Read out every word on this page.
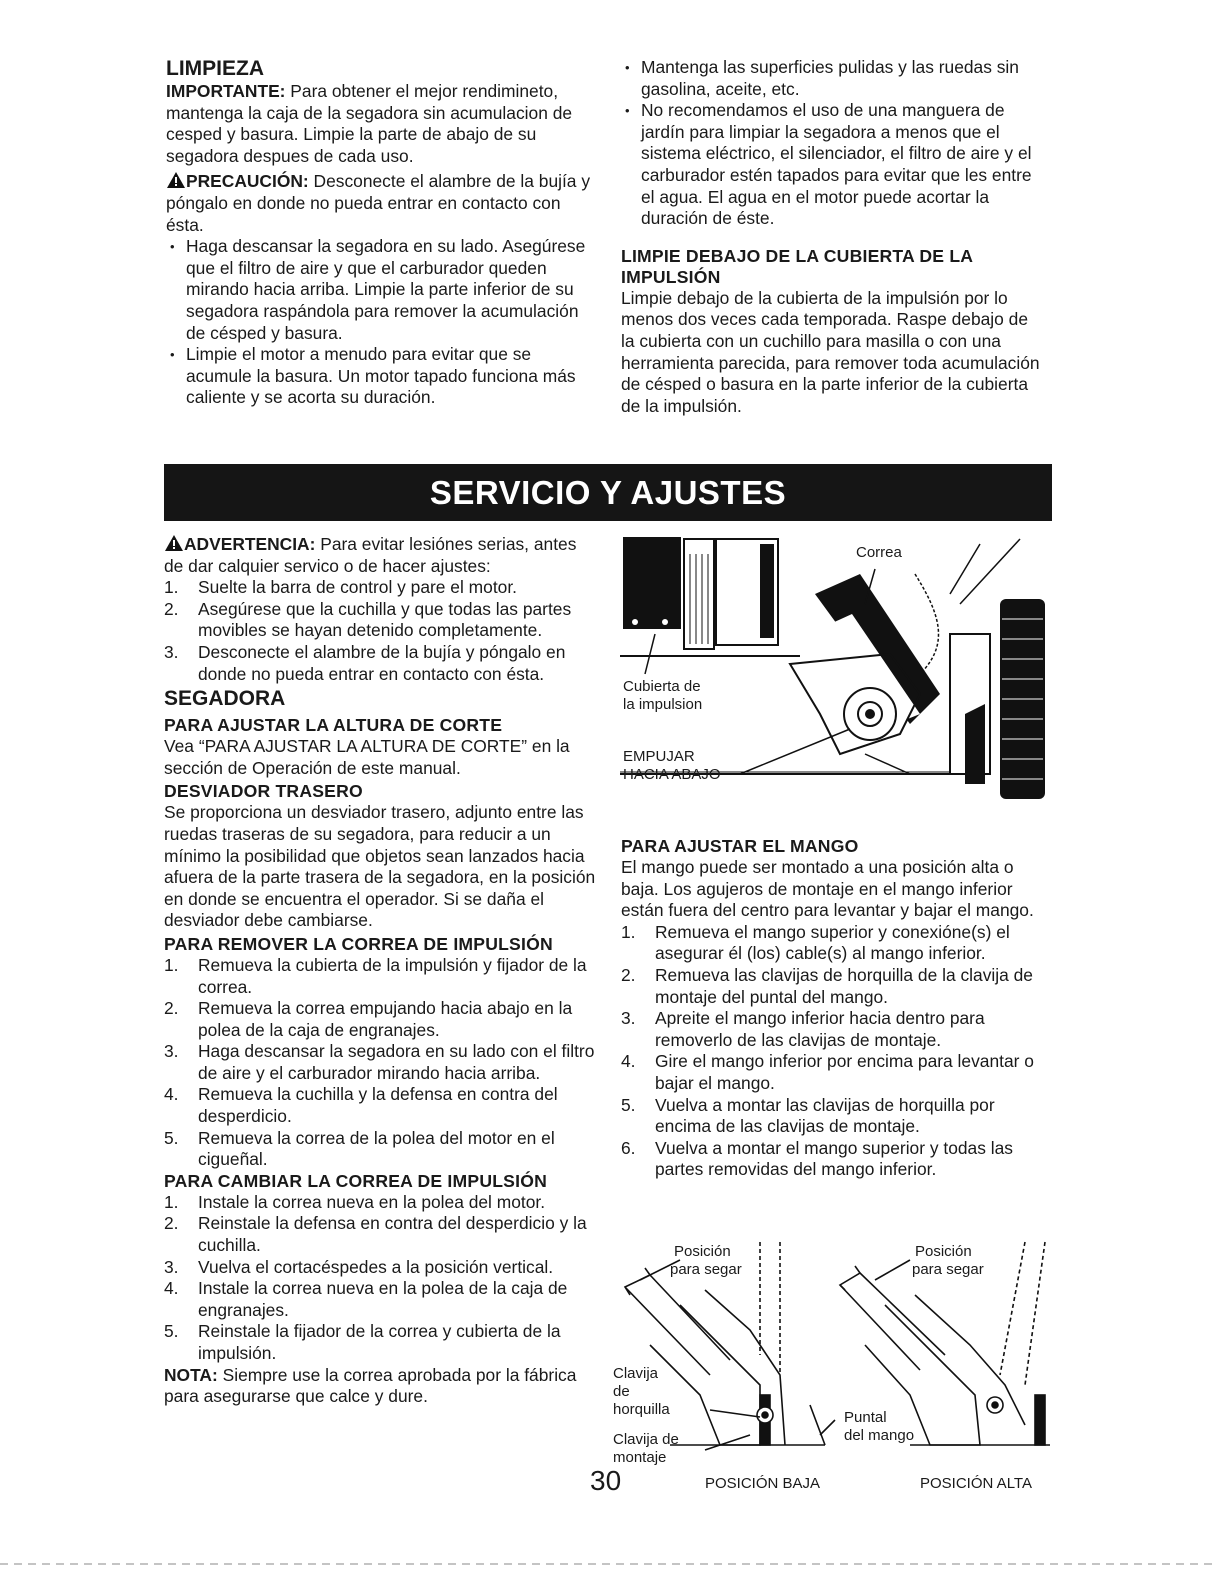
LIMPIEZA

IMPORTANTE: Para obtener el mejor rendimineto, mantenga la caja de la segadora sin acumulacion de cesped y basura. Limpie la parte de abajo de su segadora despues de cada uso.

PRECAUCIÓN: Desconecte el alambre de la bujía y póngalo en donde no pueda entrar en contacto con ésta.

• Haga descansar la segadora en su lado. Asegúrese que el filtro de aire y que el carburador queden mirando hacia arriba. Limpie la parte inferior de su segadora raspándola para remover la acumulación de césped y basura.
• Limpie el motor a menudo para evitar que se acumule la basura. Un motor tapado funciona más caliente y se acorta su duración.
• Mantenga las superficies pulidas y las ruedas sin gasolina, aceite, etc.
• No recomendamos el uso de una manguera de jardín para limpiar la segadora a menos que el sistema eléctrico, el silenciador, el filtro de aire y el carburador estén tapados para evitar que les entre el agua. El agua en el motor puede acortar la duración de éste.
LIMPIE DEBAJO DE LA CUBIERTA DE LA IMPULSIÓN

Limpie debajo de la cubierta de la impulsión por lo menos dos veces cada temporada. Raspe debajo de la cubierta con un cuchillo para masilla o con una herramienta parecida, para remover toda acumulación de césped o basura en la parte inferior de la cubierta de la impulsión.

SERVICIO Y AJUSTES

ADVERTENCIA: Para evitar lesiónes serias, antes de dar calquier servico o de hacer ajustes:

1. Suelte la barra de control y pare el motor.
2. Asegúrese que la cuchilla y que todas las partes movibles se hayan detenido completamente.
3. Desconecte el alambre de la bujía y póngalo en donde no pueda entrar en contacto con ésta.
SEGADORA
PARA AJUSTAR LA ALTURA DE CORTE

Vea “PARA AJUSTAR LA ALTURA DE CORTE” en la sección de Operación de este manual.

DESVIADOR TRASERO

Se proporciona un desviador trasero, adjunto entre las ruedas traseras de su segadora, para reducir a un mínimo la posibilidad que objetos sean lanzados hacia afuera de la parte trasera de la segadora, en la posición en donde se encuentra el operador. Si se daña el desviador debe cambiarse.

PARA REMOVER LA CORREA DE IMPULSIÓN
1. Remueva la cubierta de la impulsión y fijador de la correa.
2. Remueva la correa empujando hacia abajo en la polea de la caja de engranajes.
3. Haga descansar la segadora en su lado con el filtro de aire y el carburador mirando hacia arriba.
4. Remueva la cuchilla y la defensa en contra del desperdicio.
5. Remueva la correa de la polea del motor en el cigueñal.
PARA CAMBIAR LA CORREA DE IMPULSIÓN
1. Instale la correa nueva en la polea del motor.
2. Reinstale la defensa en contra del desperdicio y la cuchilla.
3. Vuelva el cortacéspedes a la posición vertical.
4. Instale la correa nueva en la polea de la caja de engranajes.
5. Reinstale la fijador de la correa y cubierta de la impulsión.

NOTA: Siempre use la correa aprobada por la fábrica para asegurarse que calce y dure.

Correa
Cubierta de
la impulsion
EMPUJAR
HACIA ABAJO
PARA AJUSTAR EL MANGO

El mango puede ser montado a una posición alta o baja. Los agujeros de montaje en el mango inferior están fuera del centro para levantar y bajar el mango.

1. Remueva el mango superior y conexióne(s) el asegurar él (los) cable(s) al mango inferior.
2. Remueva las clavijas de horquilla de la clavija de montaje del puntal del mango.
3. Apreite el mango inferior hacia dentro para removerlo de las clavijas de montaje.
4. Gire el mango inferior por encima para levantar o bajar el mango.
5. Vuelva a montar las clavijas de horquilla por encima de las clavijas de montaje.
6. Vuelva a montar el mango superior y todas las partes removidas del mango inferior.
Posición
para segar
Posición
para segar
Clavija
de
horquilla
Clavija de
montaje
Puntal
del mango
POSICIÓN BAJA	POSICIÓN ALTA
30
